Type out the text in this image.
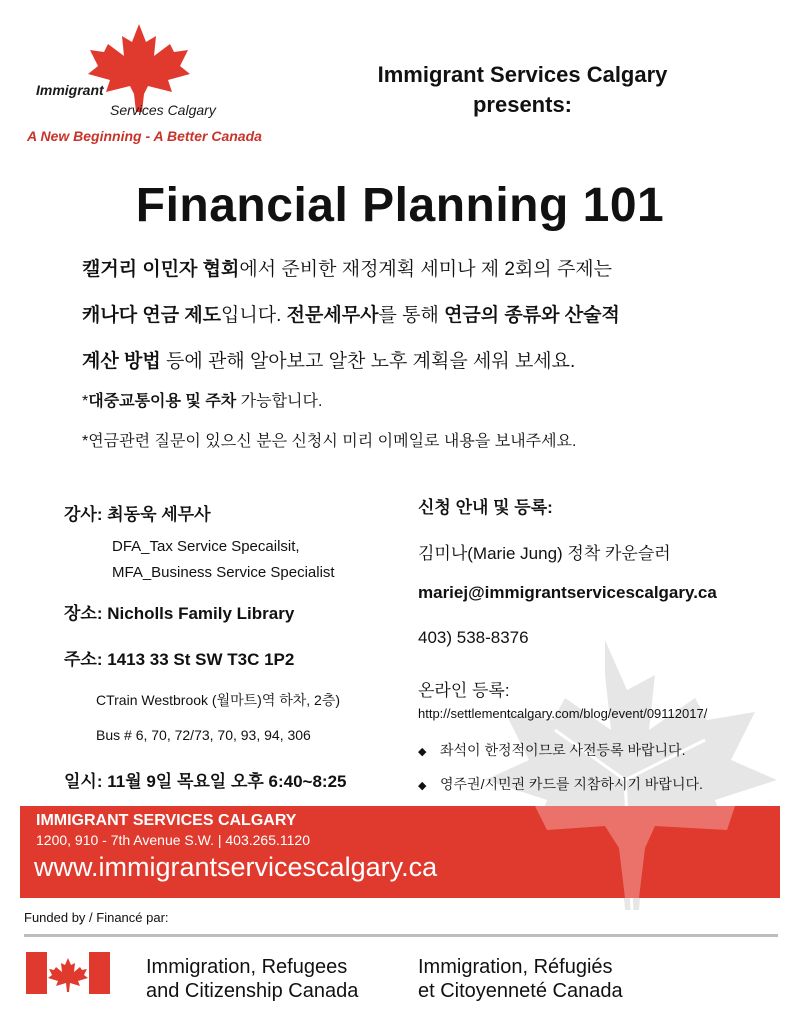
Immigrant
Services Calgary
A New Beginning - A Better Canada
Immigrant Services Calgary
presents:
Financial Planning 101
캘거리 이민자 협회에서 준비한 재정계획 세미나 제 2회의 주제는
캐나다 연금 제도입니다. 전문세무사를 통해 연금의 종류와 산술적
계산 방법 등에 관해 알아보고 알찬 노후 계획을 세워 보세요.
*대중교통이용 및 주차 가능합니다.
*연금관련 질문이 있으신 분은 신청시 미리 이메일로 내용을 보내주세요.
강사: 최동욱 세무사
DFA_Tax Service Specailsit,
MFA_Business Service Specialist
장소: Nicholls Family Library
주소: 1413 33 St SW T3C 1P2
CTrain Westbrook (월마트)역 하차, 2층)
Bus # 6, 70, 72/73, 70, 93, 94, 306
일시: 11월 9일 목요일 오후 6:40~8:25
신청 안내 및 등록:
김미나(Marie Jung) 정착 카운슬러
mariej@immigrantservicescalgary.ca
403) 538-8376
온라인 등록:
http://settlementcalgary.com/blog/event/09112017/
◆ 좌석이 한정적이므로 사전등록 바랍니다.
◆ 영주권/시민권 카드를 지참하시기 바랍니다.
IMMIGRANT SERVICES CALGARY
1200, 910 - 7th Avenue S.W. | 403.265.1120
www.immigrantservicescalgary.ca
Funded by / Financé par:
Immigration, Refugees
and Citizenship Canada
Immigration, Réfugiés
et Citoyenneté Canada
